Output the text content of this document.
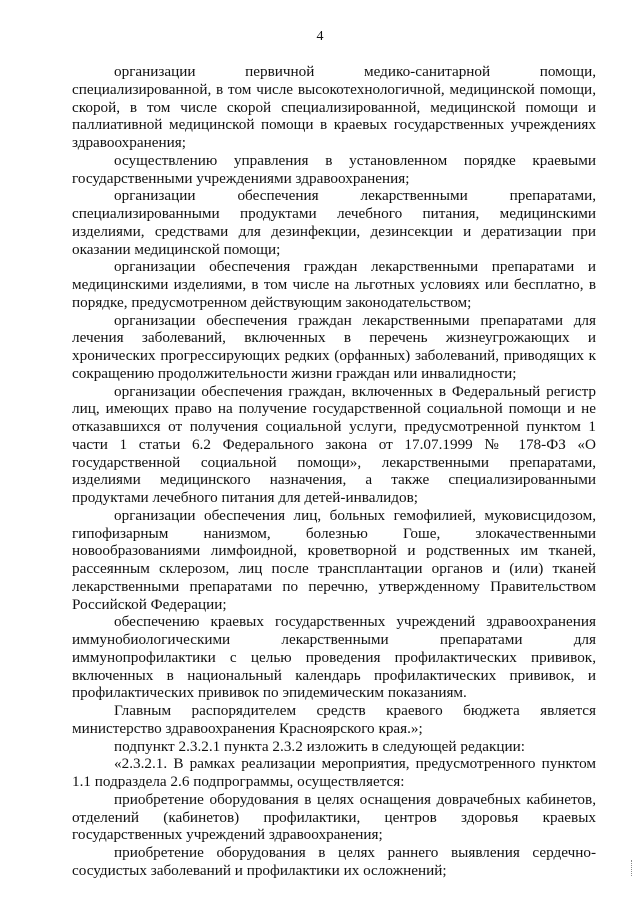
4

организации первичной медико-санитарной помощи, специализированной, в том числе высокотехнологичной, медицинской помощи, скорой, в том числе скорой специализированной, медицинской помощи и паллиативной медицинской помощи в краевых государственных учреждениях здравоохранения;

осуществлению управления в установленном порядке краевыми государственными учреждениями здравоохранения;

организации обеспечения лекарственными препаратами, специализированными продуктами лечебного питания, медицинскими изделиями, средствами для дезинфекции, дезинсекции и дератизации при оказании медицинской помощи;

организации обеспечения граждан лекарственными препаратами и медицинскими изделиями, в том числе на льготных условиях или бесплатно, в порядке, предусмотренном действующим законодательством;

организации обеспечения граждан лекарственными препаратами для лечения заболеваний, включенных в перечень жизнеугрожающих и хронических прогрессирующих редких (орфанных) заболеваний, приводящих к сокращению продолжительности жизни граждан или инвалидности;

организации обеспечения граждан, включенных в Федеральный регистр лиц, имеющих право на получение государственной социальной помощи и не отказавшихся от получения социальной услуги, предусмотренной пунктом 1 части 1 статьи 6.2 Федерального закона от 17.07.1999 № 178-ФЗ «О государственной социальной помощи», лекарственными препаратами, изделиями медицинского назначения, а также специализированными продуктами лечебного питания для детей-инвалидов;

организации обеспечения лиц, больных гемофилией, муковисцидозом, гипофизарным нанизмом, болезнью Гоше, злокачественными новообразованиями лимфоидной, кроветворной и родственных им тканей, рассеянным склерозом, лиц после трансплантации органов и (или) тканей лекарственными препаратами по перечню, утвержденному Правительством Российской Федерации;

обеспечению краевых государственных учреждений здравоохранения иммунобиологическими лекарственными препаратами для иммунопрофилактики с целью проведения профилактических прививок, включенных в национальный календарь профилактических прививок, и профилактических прививок по эпидемическим показаниям.

Главным распорядителем средств краевого бюджета является министерство здравоохранения Красноярского края.»;

подпункт 2.3.2.1 пункта 2.3.2 изложить в следующей редакции:

«2.3.2.1. В рамках реализации мероприятия, предусмотренного пунктом 1.1 подраздела 2.6 подпрограммы, осуществляется:

приобретение оборудования в целях оснащения доврачебных кабинетов, отделений (кабинетов) профилактики, центров здоровья краевых государственных учреждений здравоохранения;

приобретение оборудования в целях раннего выявления сердечно-сосудистых заболеваний и профилактики их осложнений;
